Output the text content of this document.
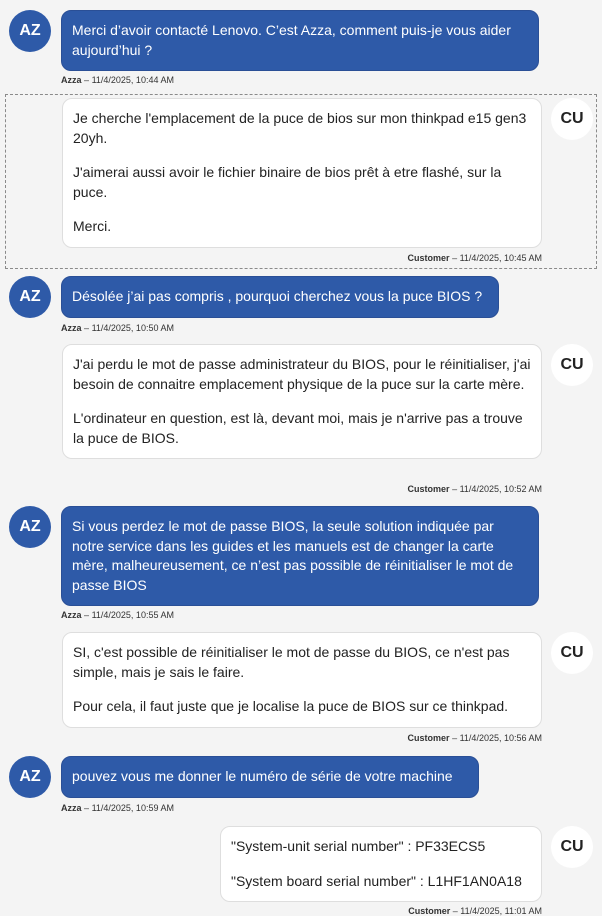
AZ	Merci d’avoir contacté Lenovo. C’est Azza, comment puis-je vous aider aujourd’hui ?

Azza – 11/4/2025, 10:44 AM
CU

Je cherche l'emplacement de la puce de bios sur mon thinkpad e15 gen3 20yh.

J'aimerai aussi avoir le fichier binaire de bios prêt à etre flashé, sur la puce.

Merci.

Customer – 11/4/2025, 10:45 AM
AZ	Désolée j’ai pas compris , pourquoi cherchez vous la puce BIOS ?

Azza – 11/4/2025, 10:50 AM
CU

J'ai perdu le mot de passe administrateur du BIOS, pour le réinitialiser, j'ai besoin de connaitre emplacement physique de la puce sur la carte mère.

L'ordinateur en question, est là, devant moi, mais je n'arrive pas a trouve la puce de BIOS.

Customer – 11/4/2025, 10:52 AM
AZ	Si vous perdez le mot de passe BIOS, la seule solution indiquée par notre service dans les guides et les manuels est de changer la carte mère, malheureusement, ce n’est pas possible de réinitialiser le mot de passe BIOS

Azza – 11/4/2025, 10:55 AM
CU

SI, c'est possible de réinitialiser le mot de passe du BIOS, ce n'est pas simple, mais je sais le faire.

Pour cela, il faut juste que je localise la puce de BIOS sur ce thinkpad.

Customer – 11/4/2025, 10:56 AM
AZ	pouvez vous me donner le numéro de série de votre machine

Azza – 11/4/2025, 10:59 AM
CU

"System-unit serial number" : PF33ECS5

"System board serial number" : L1HF1AN0A18

Customer – 11/4/2025, 11:01 AM
